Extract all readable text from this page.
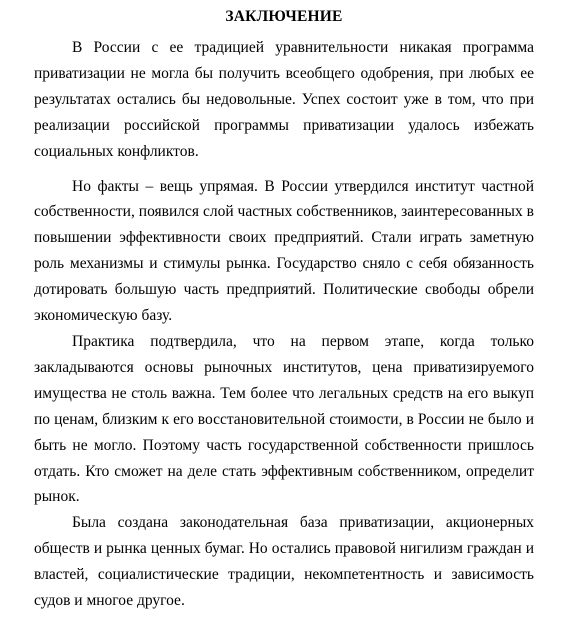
ЗАКЛЮЧЕНИЕ

В России с ее традицией уравнительности никакая программа приватизации не могла бы получить всеобщего одобрения, при любых ее результатах остались бы недовольные. Успех состоит уже в том, что при реализации российской программы приватизации удалось избежать социальных конфликтов.

Но факты – вещь упрямая. В России утвердился институт частной собственности, появился слой частных собственников, заинтересованных в повышении эффективности своих предприятий. Стали играть заметную роль механизмы и стимулы рынка. Государство сняло с себя обязанность дотировать большую часть предприятий. Политические свободы обрели экономическую базу.

Практика подтвердила, что на первом этапе, когда только закладываются основы рыночных институтов, цена приватизируемого имущества не столь важна. Тем более что легальных средств на его выкуп по ценам, близким к его восстановительной стоимости, в России не было и быть не могло. Поэтому часть государственной собственности пришлось отдать. Кто сможет на деле стать эффективным собственником, определит рынок.

Была создана законодательная база приватизации, акционерных обществ и рынка ценных бумаг. Но остались правовой нигилизм граждан и властей, социалистические традиции, некомпетентность и зависимость судов и многое другое.
